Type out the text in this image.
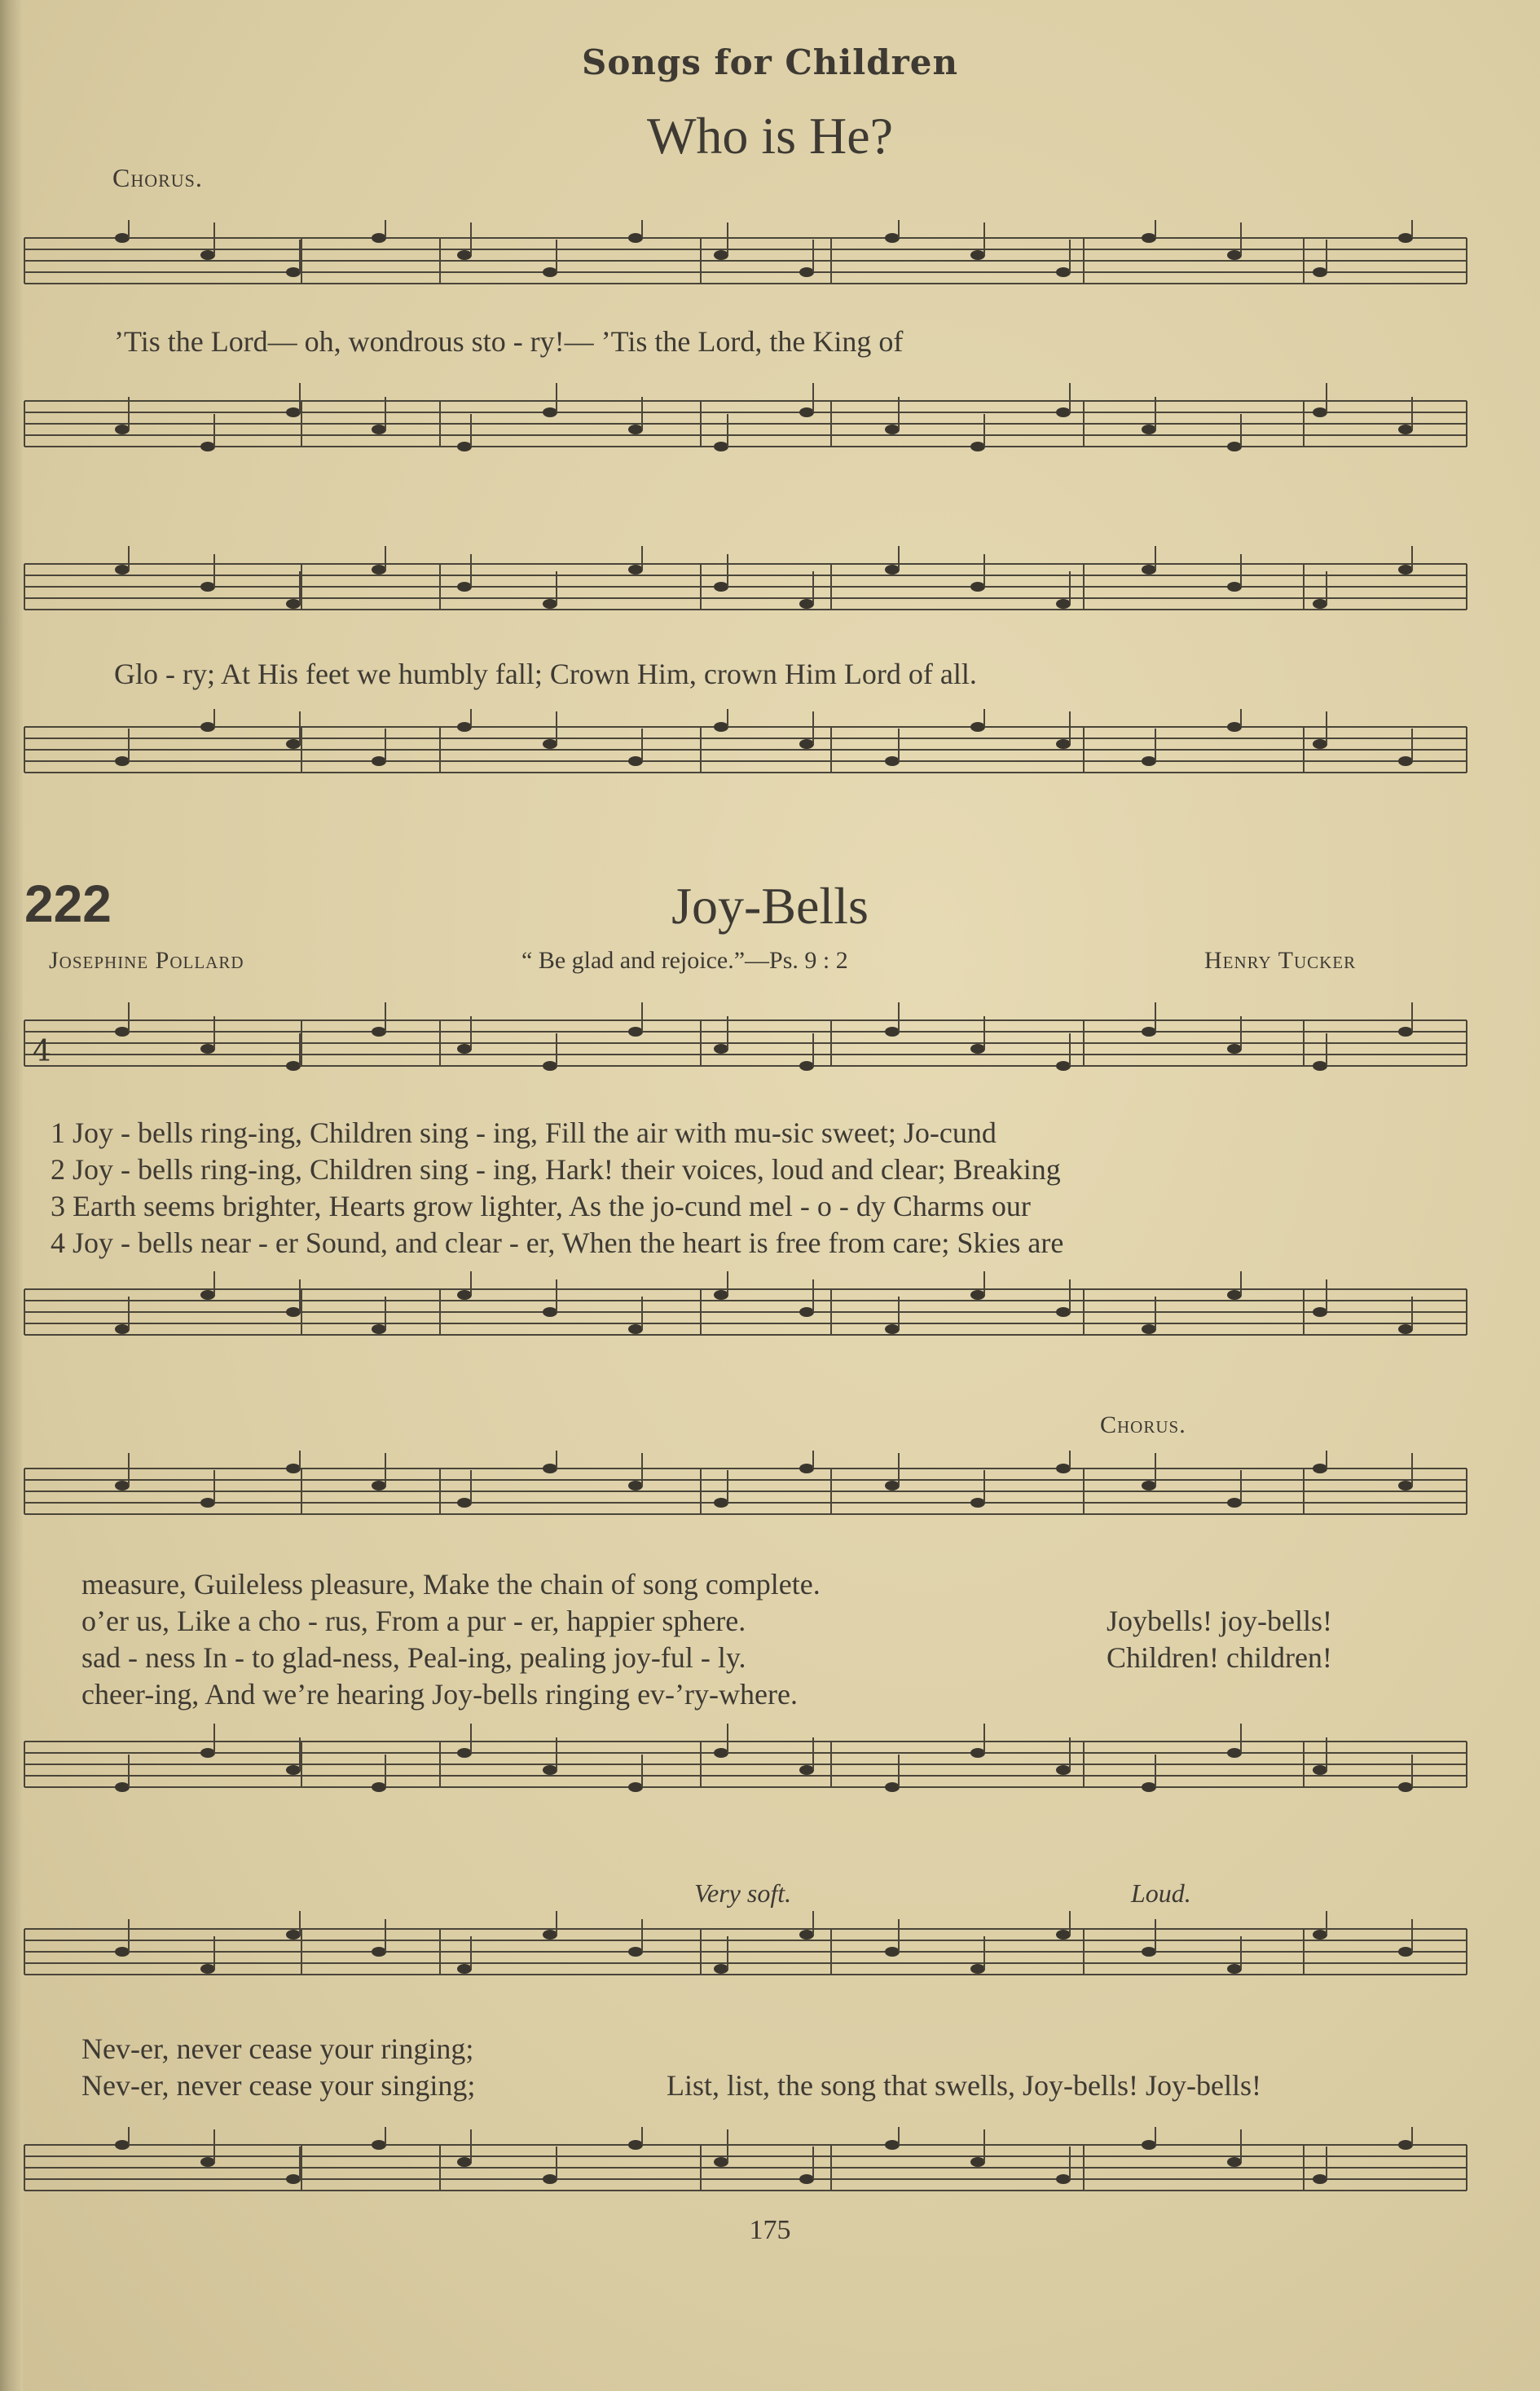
Songs for Children
Who is He?
Chorus.
’Tis the Lord— oh, wondrous sto - ry!— ’Tis the Lord, the King of
Glo - ry; At His feet we humbly fall; Crown Him, crown Him Lord of all.
222	Joy-Bells
Josephine Pollard	“ Be glad and rejoice.”—Ps. 9 : 2	Henry Tucker
4
1 Joy - bells ring-ing, Children sing - ing, Fill the air with mu-sic sweet; Jo-cund
2 Joy - bells ring-ing, Children sing - ing, Hark! their voices, loud and clear; Breaking
3 Earth seems brighter, Hearts grow lighter, As the jo-cund mel - o - dy Charms our
4 Joy - bells near - er Sound, and clear - er, When the heart is free from care; Skies are
Chorus.
measure, Guileless pleasure, Make the chain of song complete.
o’er us, Like a cho - rus, From a pur - er, happier sphere.
sad - ness In - to glad-ness, Peal-ing, pealing joy-ful - ly.
cheer-ing, And we’re hearing Joy-bells ringing ev-’ry-where.
Joybells! joy-bells!
Children! children!
Very soft.	Loud.
Nev-er, never cease your ringing;
Nev-er, never cease your singing;	List, list, the song that swells, Joy-bells! Joy-bells!
175
